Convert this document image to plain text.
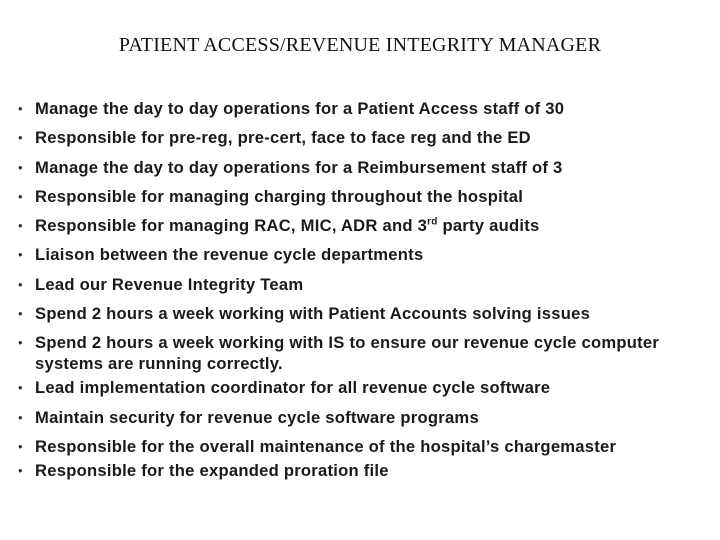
PATIENT ACCESS/REVENUE INTEGRITY MANAGER
• Manage the day to day operations for a Patient Access staff of 30
• Responsible for pre-reg, pre-cert, face to face reg and the ED
• Manage the day to day operations for a Reimbursement staff of 3
• Responsible for managing charging throughout the hospital
• Responsible for managing RAC, MIC, ADR and 3rd party audits
• Liaison between the revenue cycle departments
• Lead our Revenue Integrity Team
• Spend 2 hours a week working with Patient Accounts solving issues
• Spend 2 hours a week working with IS to ensure our revenue cycle computer systems are running correctly.
• Lead implementation coordinator for all revenue cycle software
• Maintain security for revenue cycle software programs
• Responsible for the overall maintenance of the hospital’s chargemaster
• Responsible for the expanded proration file
